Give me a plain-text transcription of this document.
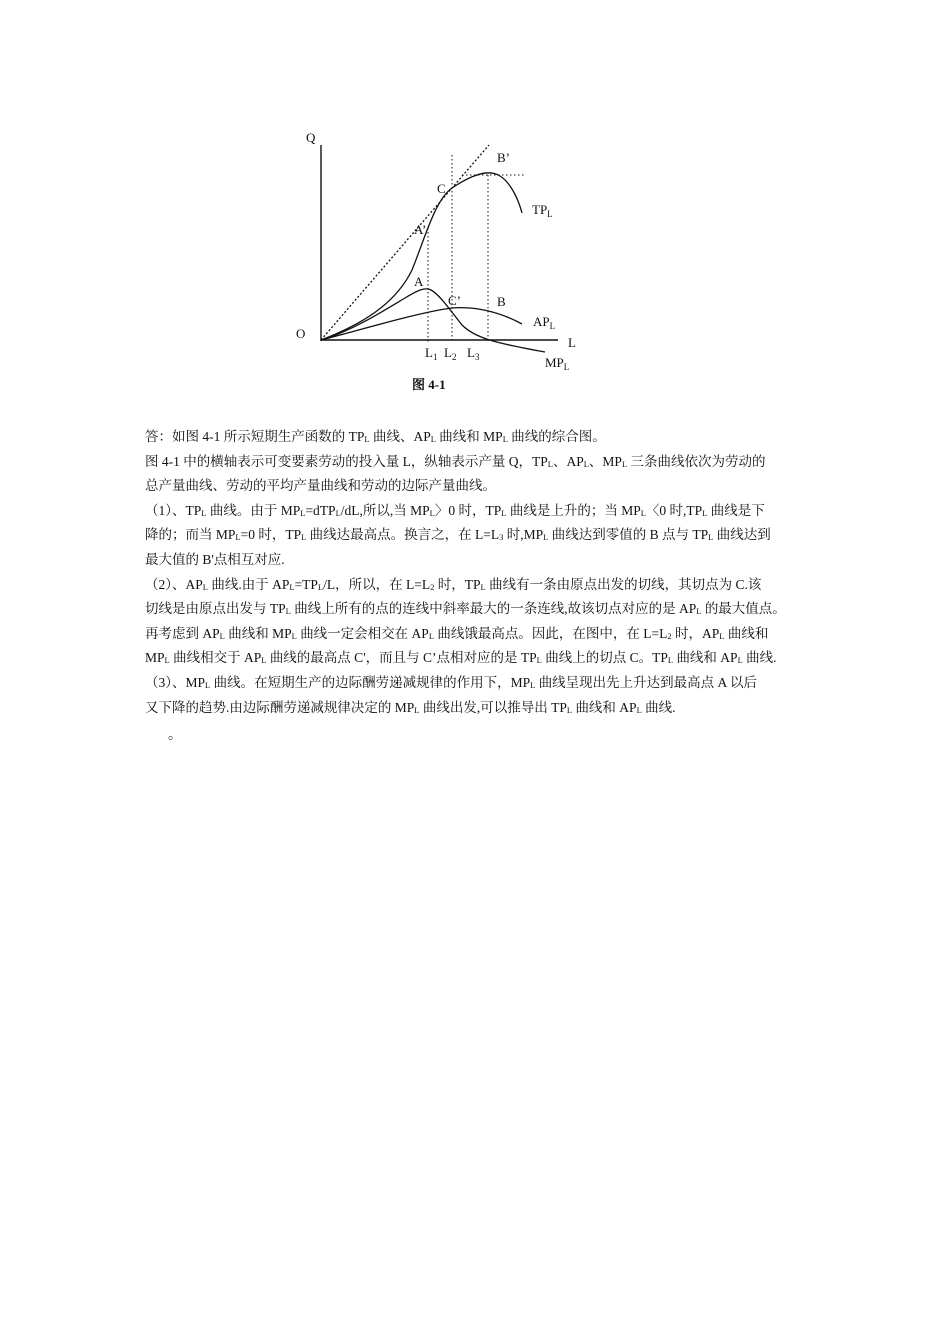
Q
L
O
B’
C
A’
A
C’	B
$TP_L$
$AP_L$
$MP_L$
$L_1$ $L_2$ $L_3$
图 4-1

答：如图 4-1 所示短期生产函数的 $TP_L$ 曲线、$AP_L$ 曲线和 $MP_L$ 曲线的综合图。

图 4-1 中的横轴表示可变要素劳动的投入量 L，纵轴表示产量 Q，$TP_L$、$AP_L$、$MP_L$ 三条曲线依次为劳动的

总产量曲线、劳动的平均产量曲线和劳动的边际产量曲线。

（1）、$TP_L$ 曲线。由于 $MP_L=dTP_L/dL$,所以,当 $MP_L$〉0 时，$TP_L$ 曲线是上升的；当 $MP_L$〈0 时$,TP_L$ 曲线是下

降的；而当 $MP_L=0$ 时，$TP_L$ 曲线达最高点。换言之，在 $L=L_3$ 时$,MP_L$ 曲线达到零值的 B 点与 $TP_L$ 曲线达到

最大值的 B'点相互对应.

（2）、$AP_L$ 曲线.由于 $AP_L=TP_L/L$，所以，在 $L=L_2$ 时，$TP_L$ 曲线有一条由原点出发的切线，其切点为 C.该

切线是由原点出发与 $TP_L$ 曲线上所有的点的连线中斜率最大的一条连线,故该切点对应的是 $AP_L$ 的最大值点。

再考虑到 $AP_L$ 曲线和 $MP_L$ 曲线一定会相交在 $AP_L$ 曲线饿最高点。因此，在图中，在 $L=L_2$ 时，$AP_L$ 曲线和

$MP_L$ 曲线相交于 $AP_L$ 曲线的最高点 C'，而且与 C’点相对应的是 $TP_L$ 曲线上的切点 C。$TP_L$ 曲线和 $AP_L$ 曲线.

（3）、$MP_L$ 曲线。在短期生产的边际酬劳递减规律的作用下，$MP_L$ 曲线呈现出先上升达到最高点 A 以后

又下降的趋势.由边际酬劳递减规律决定的 $MP_L$ 曲线出发,可以推导出 $TP_L$ 曲线和 $AP_L$ 曲线.

。
